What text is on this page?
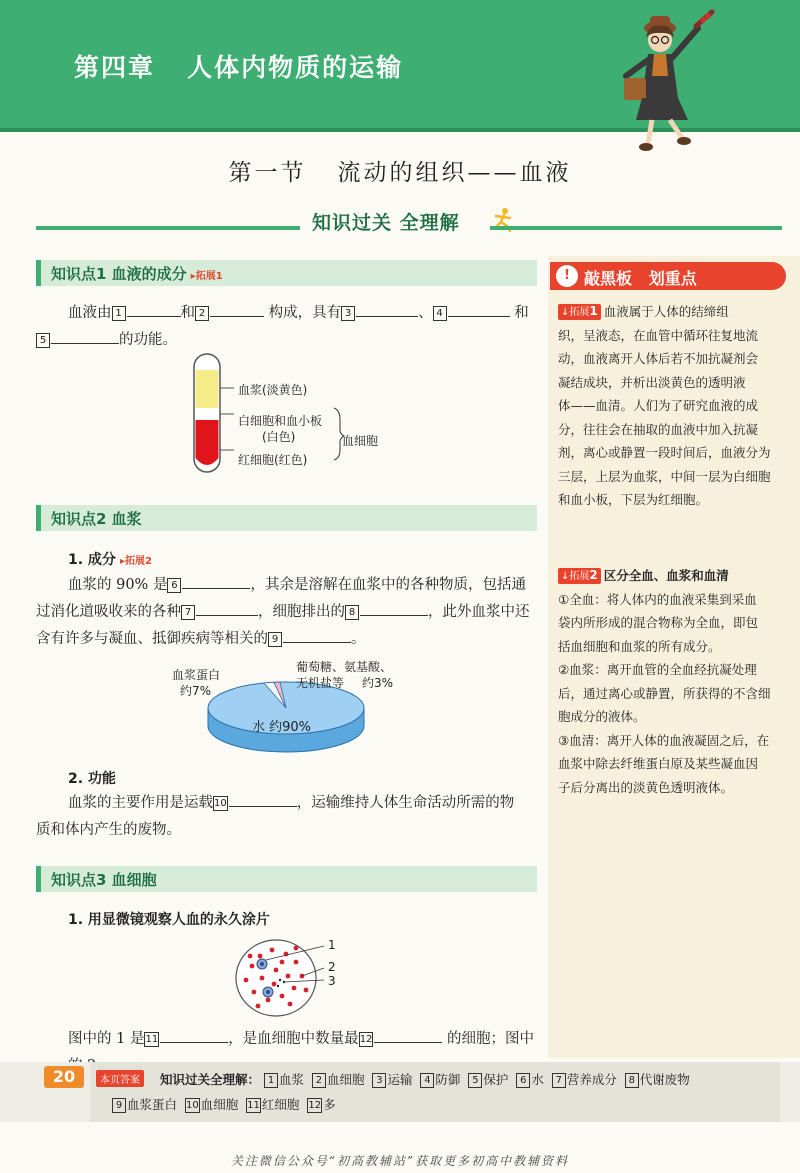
第四章   人体内物质的运输
第一节   流动的组织——血液
知识过关 全理解
知识点1 血液的成分 ▸拓展1
血液由 1	和 2	构成，具有 3	、 4	和
5	的功能。
血浆(淡黄色)
白细胞和血小板
(白色)
红细胞(红色)
血细胞
知识点2 血浆
1. 成分 ▸拓展2
血浆的 90% 是 6	，其余是溶解在血浆中的各种物质，包括通
过消化道吸收来的各种 7	，细胞排出的 8	，此外血浆中还
含有许多与凝血、抵御疾病等相关的 9	。
血浆蛋白
约7%
葡萄糖、氨基酸、
无机盐等 约3%
水 约90%
2. 功能
血浆的主要作用是运载10	，运输维持人体生命活动所需的物
质和体内产生的废物。
知识点3 血细胞
1. 用显微镜观察人血的永久涂片
1
2
3
图中的 1 是11	，是血细胞中数量最12	的细胞；图中
! 敲黑板   划重点
↓拓展1 血液属于人体的结缔组
织，呈液态，在血管中循环往复地流
动，血液离开人体后若不加抗凝剂会
凝结成块，并析出淡黄色的透明液
体——血清。人们为了研究血液的成
分，往往会在抽取的血液中加入抗凝
剂，离心或静置一段时间后，血液分为
三层，上层为血浆，中间一层为白细胞
和血小板，下层为红细胞。
↓拓展2 区分全血、血浆和血清
①全血：将人体内的血液采集到采血
袋内所形成的混合物称为全血，即包
括血细胞和血浆的所有成分。
②血浆：离开血管的全血经抗凝处理
后，通过离心或静置，所获得的不含细
胞成分的液体。
③血清：离开人体的血液凝固之后，在
血浆中除去纤维蛋白原及某些凝血因
子后分离出的淡黄色透明液体。
20	本页答案	知识过关全理解： 1 血浆 2 血细胞 3 运输 4 防御 5 保护 6 水 7 营养成分 8 代谢废物
9 血浆蛋白 10 血细胞 11 红细胞 12 多
关注微信公众号“初高教辅站”获取更多初高中教辅资料
